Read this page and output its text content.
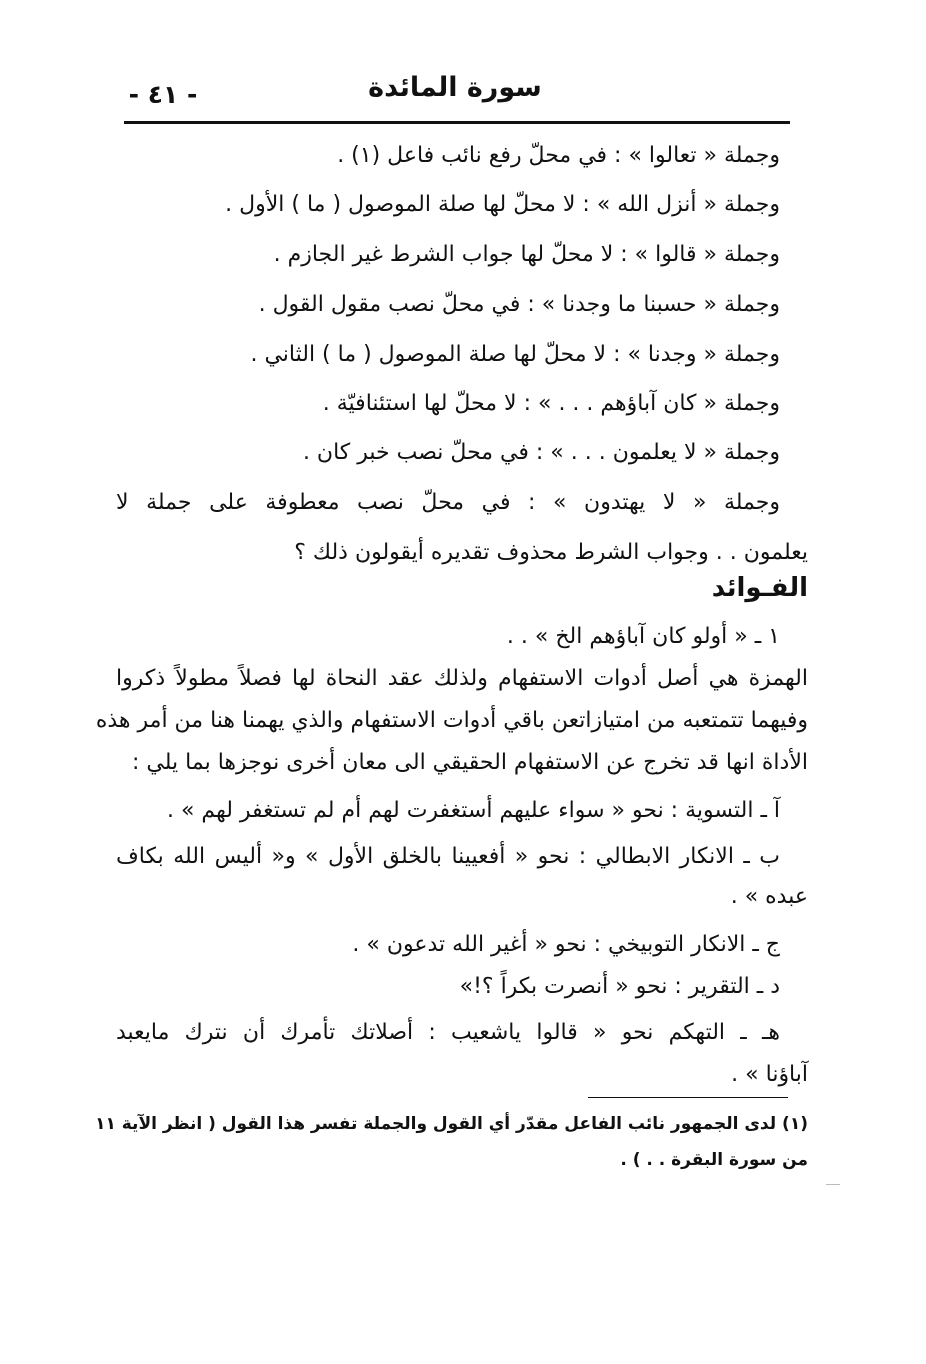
سورة المائدة
- ٤١ -
وجملة « تعالوا » : في محلّ رفع نائب فاعل (١) .
وجملة « أنزل الله » : لا محلّ لها صلة الموصول ( ما ) الأول .
وجملة « قالوا » : لا محلّ لها جواب الشرط غير الجازم .
وجملة « حسبنا ما وجدنا » : في محلّ نصب مقول القول .
وجملة « وجدنا » : لا محلّ لها صلة الموصول ( ما ) الثاني .
وجملة « كان آباؤهم . . . » : لا محلّ لها استئنافيّة .
وجملة « لا يعلمون . . . » : في محلّ نصب خبر كان .
وجملة « لا يهتدون » : في محلّ نصب معطوفة على جملة لا
يعلمون . . وجواب الشرط محذوف تقديره أيقولون ذلك ؟
الفـوائد
١ ـ « أولو كان آباؤهم الخ » . .
الهمزة هي أصل أدوات الاستفهام ولذلك عقد النحاة لها فصلاً مطولاً ذكروا
وفيهما تتمتعبه من امتيازاتعن باقي أدوات الاستفهام والذي يهمنا هنا من أمر هذه
الأداة انها قد تخرج عن الاستفهام الحقيقي الى معان أخرى نوجزها بما يلي :
آ ـ التسوية : نحو « سواء عليهم أستغفرت لهم أم لم تستغفر لهم » .
ب ـ الانكار الابطالي : نحو « أفعيينا بالخلق الأول » و« أليس الله بكاف
عبده » .
ج ـ الانكار التوبيخي : نحو « أغير الله تدعون » .
د ـ التقرير : نحو « أنصرت بكراً ؟!»
هـ ـ التهكم نحو « قالوا ياشعيب : أصلاتك تأمرك أن نترك مايعبد
آباؤنا » .
(١) لدى الجمهور نائب الفاعل مقدّر أي القول والجملة تفسر هذا القول ( انظر الآية ١١
من سورة البقرة . . ) .
